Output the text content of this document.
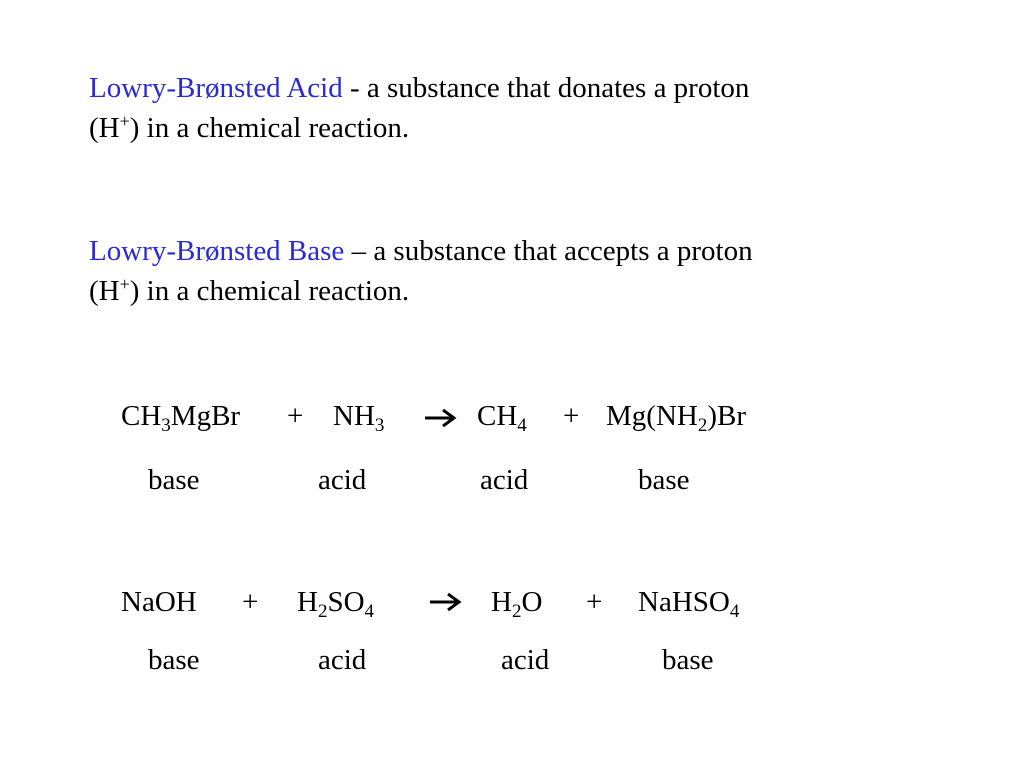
Lowry-Brønsted Acid - a substance that donates a proton
(H+) in a chemical reaction.
Lowry-Brønsted Base – a substance that accepts a proton
(H+) in a chemical reaction.
$CH_3MgBr + NH_3$	$CH_4 + Mg(NH_2)Br$
base	acid	acid	base
NaOH + $H_2SO_4$	$H_2O$ + NaHSO$_4$
base	acid	acid	base
